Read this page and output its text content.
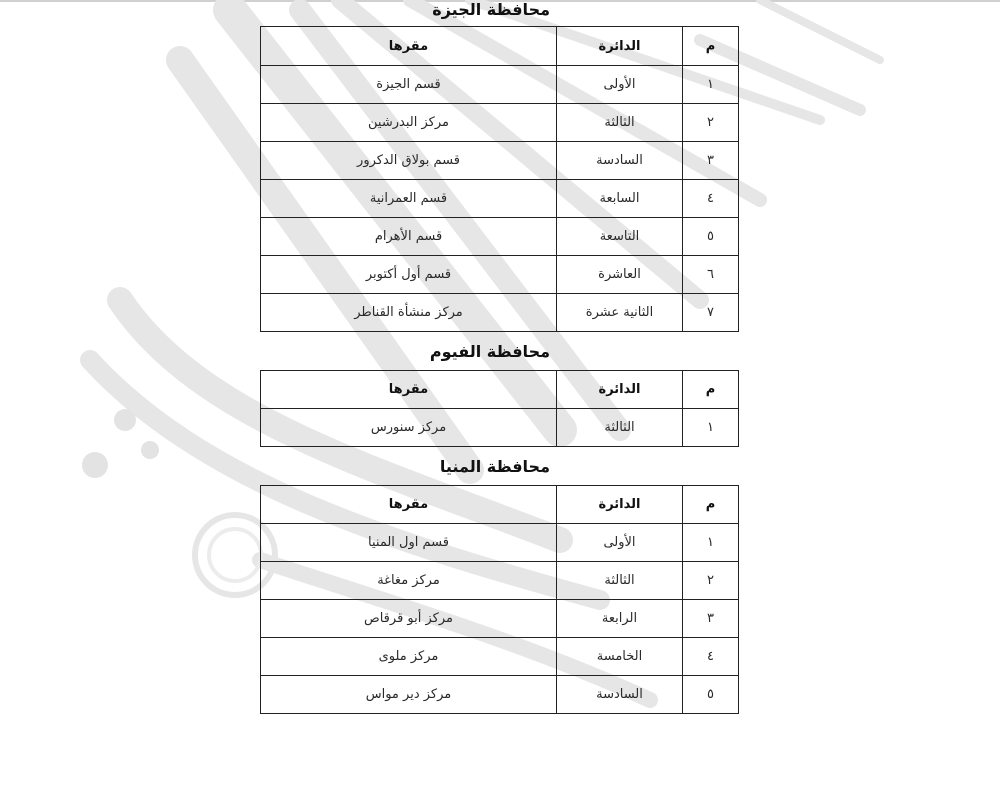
محافظة الجيزة
م	الدائرة	مقرها
١	الأولى	قسم الجيزة
٢	الثالثة	مركز البدرشين
٣	السادسة	قسم بولاق الدكرور
٤	السابعة	قسم العمرانية
٥	التاسعة	قسم الأهرام
٦	العاشرة	قسم أول أكتوبر
٧	الثانية عشرة	مركز منشأة القناطر
محافظة الفيوم
م	الدائرة	مقرها
١	الثالثة	مركز سنورس
محافظة المنيا
م	الدائرة	مقرها
١	الأولى	قسم اول المنيا
٢	الثالثة	مركز مغاغة
٣	الرابعة	مركز أبو قرقاص
٤	الخامسة	مركز ملوى
٥	السادسة	مركز دير مواس
